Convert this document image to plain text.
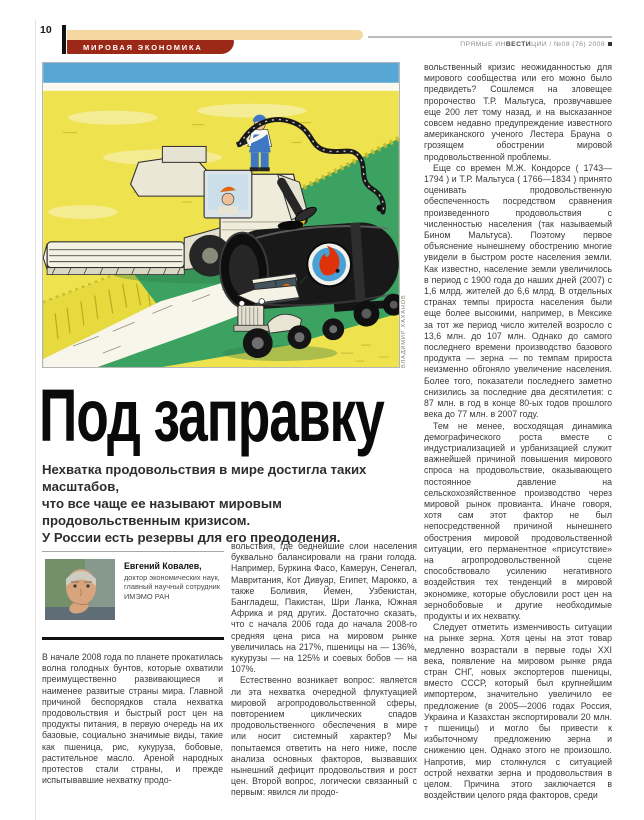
10
МИРОВАЯ ЭКОНОМИКА	ПРЯМЫЕ ИНВЕСТИЦИИ / №08 (76) 2008
ВЛАДИМИР ХАХАНОВ
Под заправку
Нехватка продовольствия в мире достигла таких масштабов,
что все чаще ее называют мировым продовольственным кризисом.
У России есть резервы для его преодоления.
Евгений Ковалев,
доктор экономических наук,
главный научный сотрудник
ИМЭМО РАН

В начале 2008 года по планете прокатилась волна голодных бунтов, которые охватили преимущественно развивающиеся и наименее развитые страны мира. Главной причиной беспорядков стала нехватка продовольствия и быстрый рост цен на продукты питания, в первую очередь на их базовые, социально значимые виды, такие как пшеница, рис, кукуруза, бобовые, растительное масло. Ареной народных протестов стали страны, и прежде испытывавшие нехватку продо-

вольствия, где беднейшие слои населения буквально балансировали на грани голода. Например, Буркина Фасо, Камерун, Сенегал, Мавритания, Кот Дивуар, Египет, Марокко, а также Боливия, Йемен, Узбекистан, Бангладеш, Пакистан, Шри Ланка, Южная Африка и ряд других. Достаточно сказать, что с начала 2006 года до начала 2008-го средняя цена риса на мировом рынке увеличилась на 217%, пшеницы на — 136%, кукурузы — на 125% и соевых бобов — на 107%.

Естественно возникает вопрос: является ли эта нехватка очередной флуктуацией мировой агропродовольственной сферы, повторением циклических спадов продовольственного обеспечения в мире или носит системный характер? Мы попытаемся ответить на него ниже, после анализа основных факторов, вызвавших нынешний дефицит продовольствия и рост цен. Второй вопрос, логически связанный с первым: явился ли продо-

вольственный кризис неожиданностью для мирового сообщества или его можно было предвидеть? Сошлемся на зловещее пророчество Т.Р. Мальтуса, прозвучавшее еще 200 лет тому назад, и на высказанное совсем недавно предупреждение известного американского ученого Лестера Брауна о грозящем обострении мировой продовольственной проблемы.

Еще со времен М.Ж. Кондорсе ( 1743—1794 ) и Т.Р. Мальтуса ( 1766—1834 ) принято оценивать продовольственную обеспеченность посредством сравнения произведенного продовольствия с численностью населения (так называемый Бином Мальтуса). Поэтому первое объяснение нынешнему обострению многие увидели в быстром росте населения земли. Как известно, население земли увеличилось в период с 1900 года до наших дней (2007) с 1,6 млрд. жителей до 6,6 млрд. В отдельных странах темпы прироста населения были еще более высокими, например, в Мексике за тот же период число жителей возросло с 13,6 млн. до 107 млн. Однако до самого последнего времени производство базового продукта — зерна — по темпам прироста неизменно обгоняло увеличение населения. Более того, показатели последнего заметно снизились за последние два десятилетия: с 87 млн. в год в конце 80-ых годов прошлого века до 77 млн. в 2007 году.

Тем не менее, восходящая динамика демографического роста вместе с индустриализацией и урбанизацией служит важнейшей причиной повышения мирового спроса на продовольствие, оказывающего постоянное давление на сельскохозяйственное производство через мировой рынок провианта. Иначе говоря, хотя сам этот фактор не был непосредственной причиной нынешнего обострения мировой продовольственной ситуации, его перманентное «присутствие» на агропродовольственной сцене способствовало усилению негативного воздействия тех тенденций в мировой экономике, которые обусловили рост цен на зернобобовые и другие необходимые продукты и их нехватку.

Следует отметить изменчивость ситуации на рынке зерна. Хотя цены на этот товар медленно возрастали в первые годы XXI века, появление на мировом рынке ряда стран СНГ, новых экспортеров пшеницы, вместо СССР, который был крупнейшим импортером, значительно увеличило ее предложение (в 2005—2006 годах Россия, Украина и Казахстан экспортировали 20 млн. т пшеницы) и могло бы привести к избыточному предложению зерна и снижению цен. Однако этого не произошло. Напротив, мир столкнулся с ситуацией острой нехватки зерна и продовольствия в целом. Причина этого заключается в воздействии целого ряда факторов, среди
